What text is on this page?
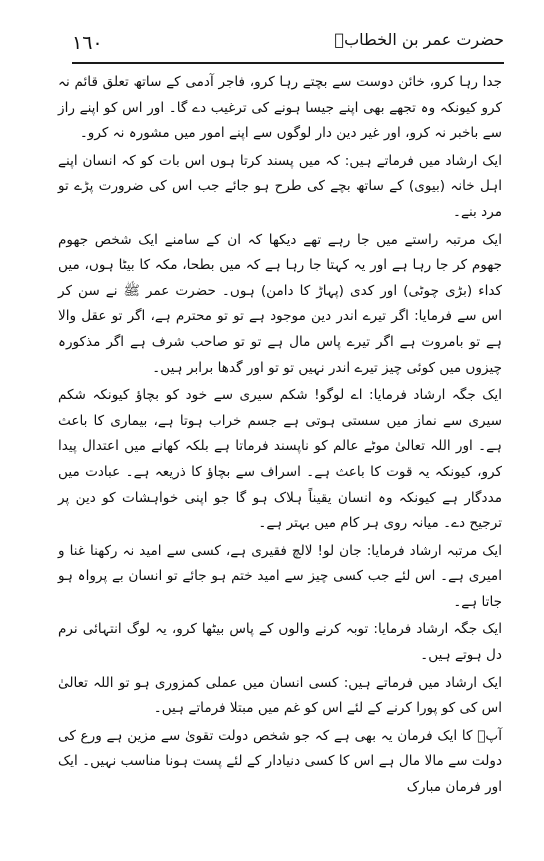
١٦٠	حضرت عمر بن الخطابؓ

جدا رہا کرو، خائن دوست سے بچتے رہا کرو، فاجر آدمی کے ساتھ تعلق قائم نہ کرو کیونکہ وہ تجھے بھی اپنے جیسا ہونے کی ترغیب دے گا۔ اور اس کو اپنے راز سے باخبر نہ کرو، اور غیر دین دار لوگوں سے اپنے امور میں مشورہ نہ کرو۔

ایک ارشاد میں فرماتے ہیں: کہ میں پسند کرتا ہوں اس بات کو کہ انسان اپنے اہل خانہ (بیوی) کے ساتھ بچے کی طرح ہو جائے جب اس کی ضرورت پڑے تو مرد بنے۔

ایک مرتبہ راستے میں جا رہے تھے دیکھا کہ ان کے سامنے ایک شخص جھوم جھوم کر جا رہا ہے اور یہ کہتا جا رہا ہے کہ میں بطحا، مکہ کا بیٹا ہوں، میں کداء (بڑی چوٹی) اور کدی (پہاڑ کا دامن) ہوں۔ حضرت عمر ﷺ نے سن کر اس سے فرمایا: اگر تیرے اندر دین موجود ہے تو تو محترم ہے، اگر تو عقل والا ہے تو بامروت ہے اگر تیرے پاس مال ہے تو تو صاحب شرف ہے اگر مذکورہ چیزوں میں کوئی چیز تیرے اندر نہیں تو تو اور گدھا برابر ہیں۔

ایک جگہ ارشاد فرمایا: اے لوگو! شکم سیری سے خود کو بچاؤ کیونکہ شکم سیری سے نماز میں سستی ہوتی ہے جسم خراب ہوتا ہے، بیماری کا باعث ہے۔ اور اللہ تعالیٰ موٹے عالم کو ناپسند فرماتا ہے بلکہ کھانے میں اعتدال پیدا کرو، کیونکہ یہ قوت کا باعث ہے۔ اسراف سے بچاؤ کا ذریعہ ہے۔ عبادت میں مددگار ہے کیونکہ وہ انسان یقیناً ہلاک ہو گا جو اپنی خواہشات کو دین پر ترجیح دے۔ میانہ روی ہر کام میں بہتر ہے۔

ایک مرتبہ ارشاد فرمایا: جان لو! لالچ فقیری ہے، کسی سے امید نہ رکھنا غنا و امیری ہے۔ اس لئے جب کسی چیز سے امید ختم ہو جائے تو انسان بے پرواہ ہو جاتا ہے۔

ایک جگہ ارشاد فرمایا: توبہ کرنے والوں کے پاس بیٹھا کرو، یہ لوگ انتہائی نرم دل ہوتے ہیں۔

ایک ارشاد میں فرماتے ہیں: کسی انسان میں عملی کمزوری ہو تو اللہ تعالیٰ اس کی کو پورا کرنے کے لئے اس کو غم میں مبتلا فرماتے ہیں۔

آپؓ کا ایک فرمان یہ بھی ہے کہ جو شخص دولت تقویٰ سے مزین ہے ورع کی دولت سے مالا مال ہے اس کا کسی دنیادار کے لئے پست ہونا مناسب نہیں۔ ایک اور فرمان مبارک
